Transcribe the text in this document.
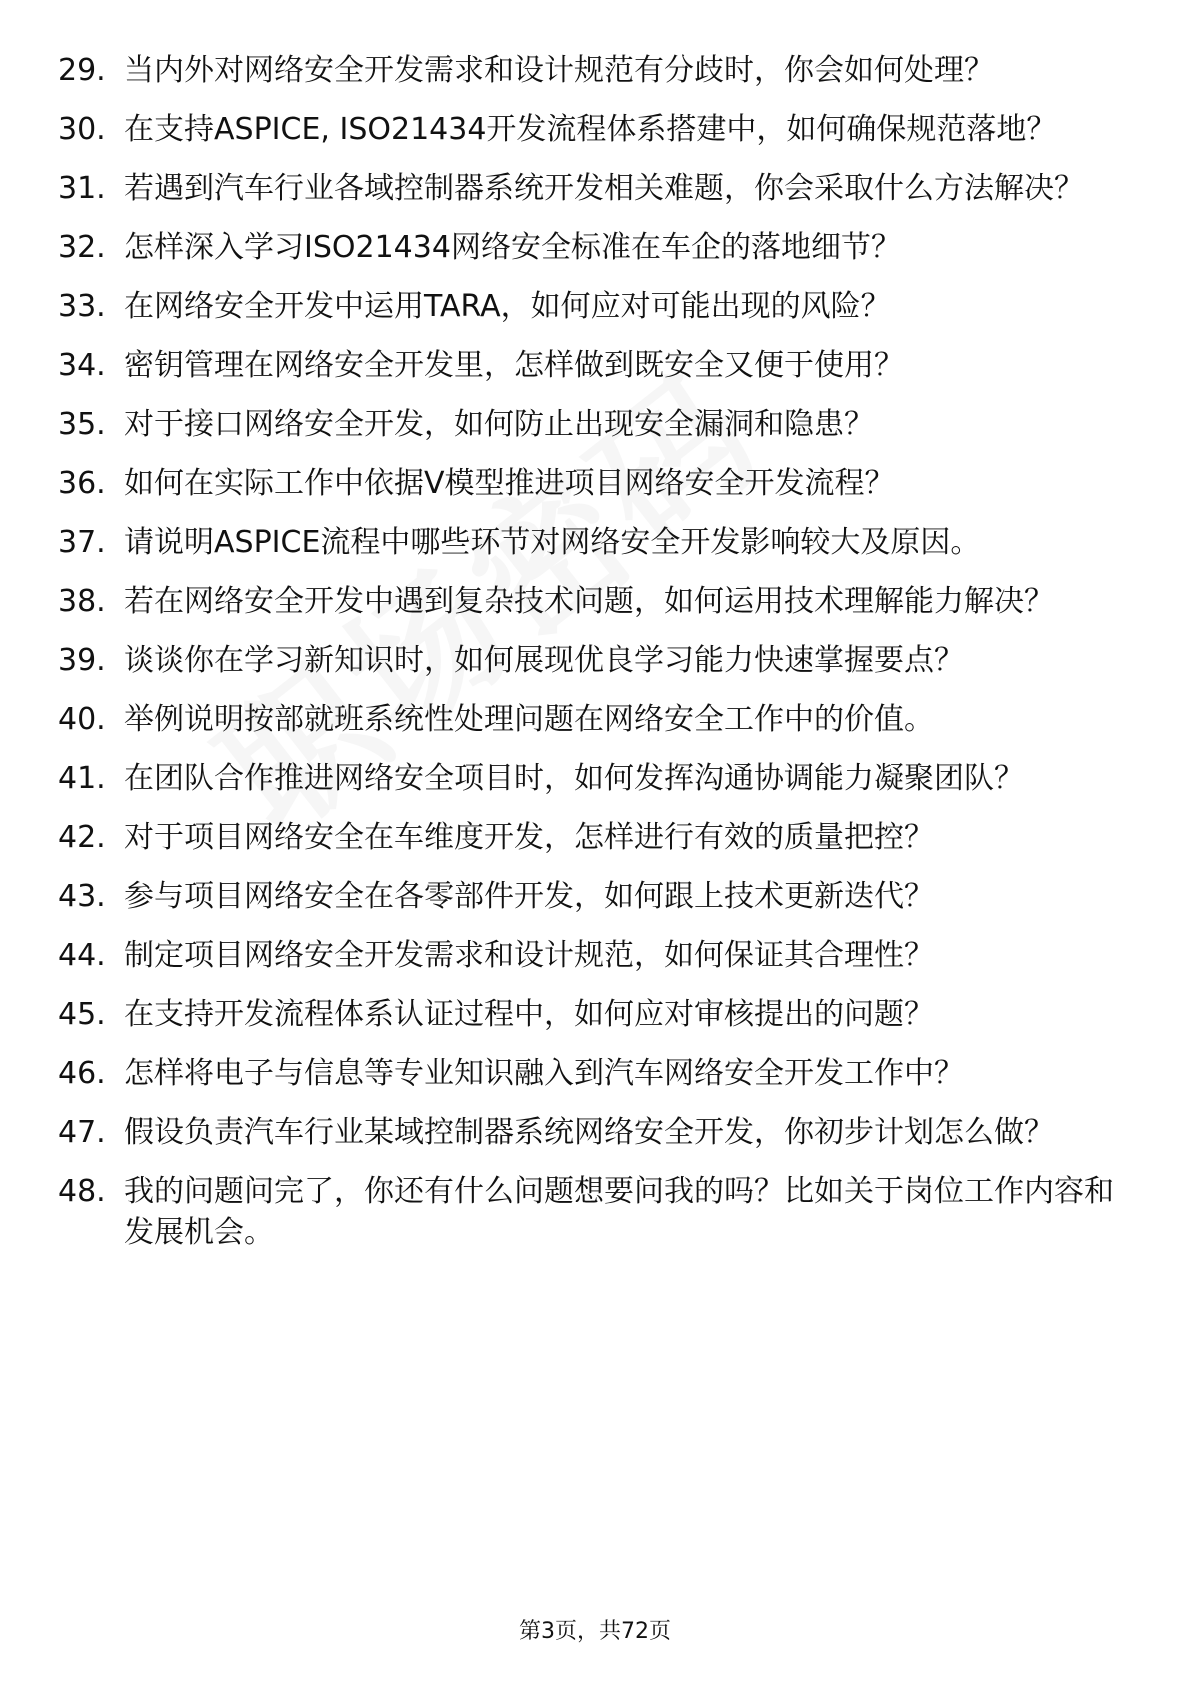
29. 当内外对网络安全开发需求和设计规范有分歧时，你会如何处理？
30. 在支持ASPICE, ISO21434开发流程体系搭建中，如何确保规范落地？
31. 若遇到汽车行业各域控制器系统开发相关难题，你会采取什么方法解决？
32. 怎样深入学习ISO21434网络安全标准在车企的落地细节？
33. 在网络安全开发中运用TARA，如何应对可能出现的风险？
34. 密钥管理在网络安全开发里，怎样做到既安全又便于使用？
35. 对于接口网络安全开发，如何防止出现安全漏洞和隐患？
36. 如何在实际工作中依据V模型推进项目网络安全开发流程？
37. 请说明ASPICE流程中哪些环节对网络安全开发影响较大及原因。
38. 若在网络安全开发中遇到复杂技术问题，如何运用技术理解能力解决？
39. 谈谈你在学习新知识时，如何展现优良学习能力快速掌握要点？
40. 举例说明按部就班系统性处理问题在网络安全工作中的价值。
41. 在团队合作推进网络安全项目时，如何发挥沟通协调能力凝聚团队？
42. 对于项目网络安全在车维度开发，怎样进行有效的质量把控？
43. 参与项目网络安全在各零部件开发，如何跟上技术更新迭代？
44. 制定项目网络安全开发需求和设计规范，如何保证其合理性？
45. 在支持开发流程体系认证过程中，如何应对审核提出的问题？
46. 怎样将电子与信息等专业知识融入到汽车网络安全开发工作中？
47. 假设负责汽车行业某域控制器系统网络安全开发，你初步计划怎么做？
48. 我的问题问完了，你还有什么问题想要问我的吗？比如关于岗位工作内容和发展机会。
第3页，共72页
